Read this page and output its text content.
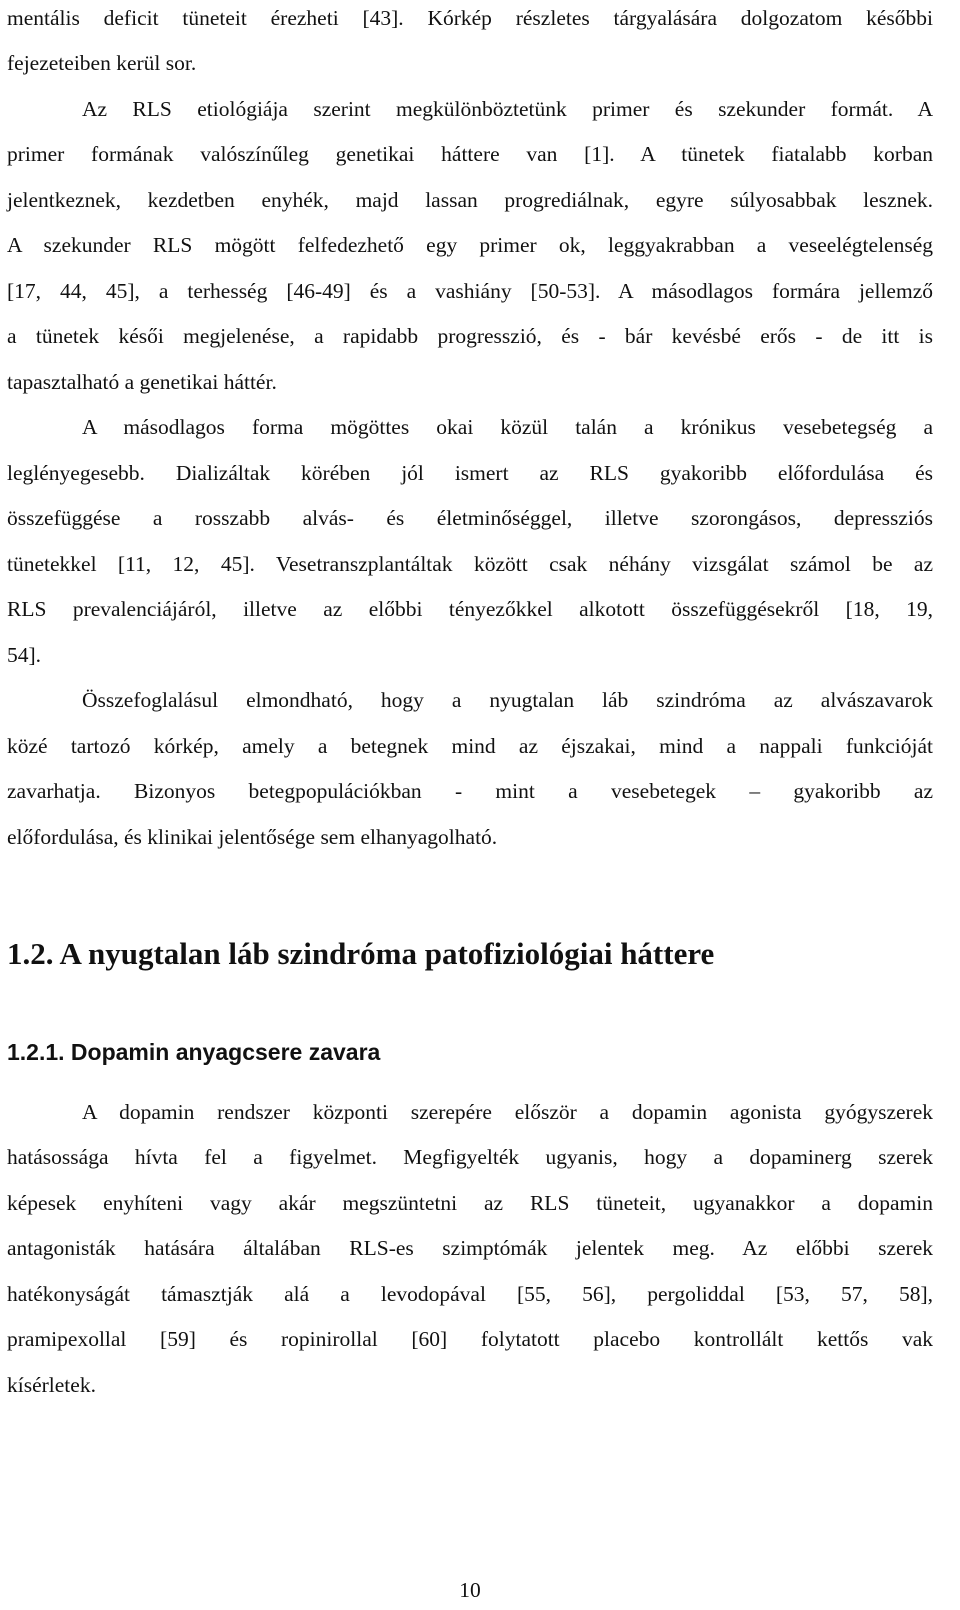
mentális deficit tüneteit érezheti [43]. Kórkép részletes tárgyalására dolgozatom későbbi
fejezeteiben kerül sor.
Az RLS etiológiája szerint megkülönböztetünk primer és szekunder formát. A
primer formának valószínűleg genetikai háttere van [1]. A tünetek fiatalabb korban
jelentkeznek, kezdetben enyhék, majd lassan progrediálnak, egyre súlyosabbak lesznek.
A szekunder RLS mögött felfedezhető egy primer ok, leggyakrabban a veseelégtelenség
[17, 44, 45], a terhesség [46-49] és a vashiány [50-53]. A másodlagos formára jellemző
a tünetek késői megjelenése, a rapidabb progresszió, és - bár kevésbé erős - de itt is
tapasztalható a genetikai háttér.
A másodlagos forma mögöttes okai közül talán a krónikus vesebetegség a
leglényegesebb. Dializáltak körében jól ismert az RLS gyakoribb előfordulása és
összefüggése a rosszabb alvás- és életminőséggel, illetve szorongásos, depressziós
tünetekkel [11, 12, 45]. Vesetranszplantáltak között csak néhány vizsgálat számol be az
RLS prevalenciájáról, illetve az előbbi tényezőkkel alkotott összefüggésekről [18, 19,
54].
Összefoglalásul elmondható, hogy a nyugtalan láb szindróma az alvászavarok
közé tartozó kórkép, amely a betegnek mind az éjszakai, mind a nappali funkcióját
zavarhatja. Bizonyos betegpopulációkban - mint a vesebetegek – gyakoribb az
előfordulása, és klinikai jelentősége sem elhanyagolható.
1.2. A nyugtalan láb szindróma patofiziológiai háttere
1.2.1. Dopamin anyagcsere zavara
A dopamin rendszer központi szerepére először a dopamin agonista gyógyszerek
hatásossága hívta fel a figyelmet. Megfigyelték ugyanis, hogy a dopaminerg szerek
képesek enyhíteni vagy akár megszüntetni az RLS tüneteit, ugyanakkor a dopamin
antagonisták hatására általában RLS-es szimptómák jelentek meg. Az előbbi szerek
hatékonyságát támasztják alá a levodopával [55, 56], pergoliddal [53, 57, 58],
pramipexollal [59] és ropinirollal [60] folytatott placebo kontrollált kettős vak
kísérletek.
10
